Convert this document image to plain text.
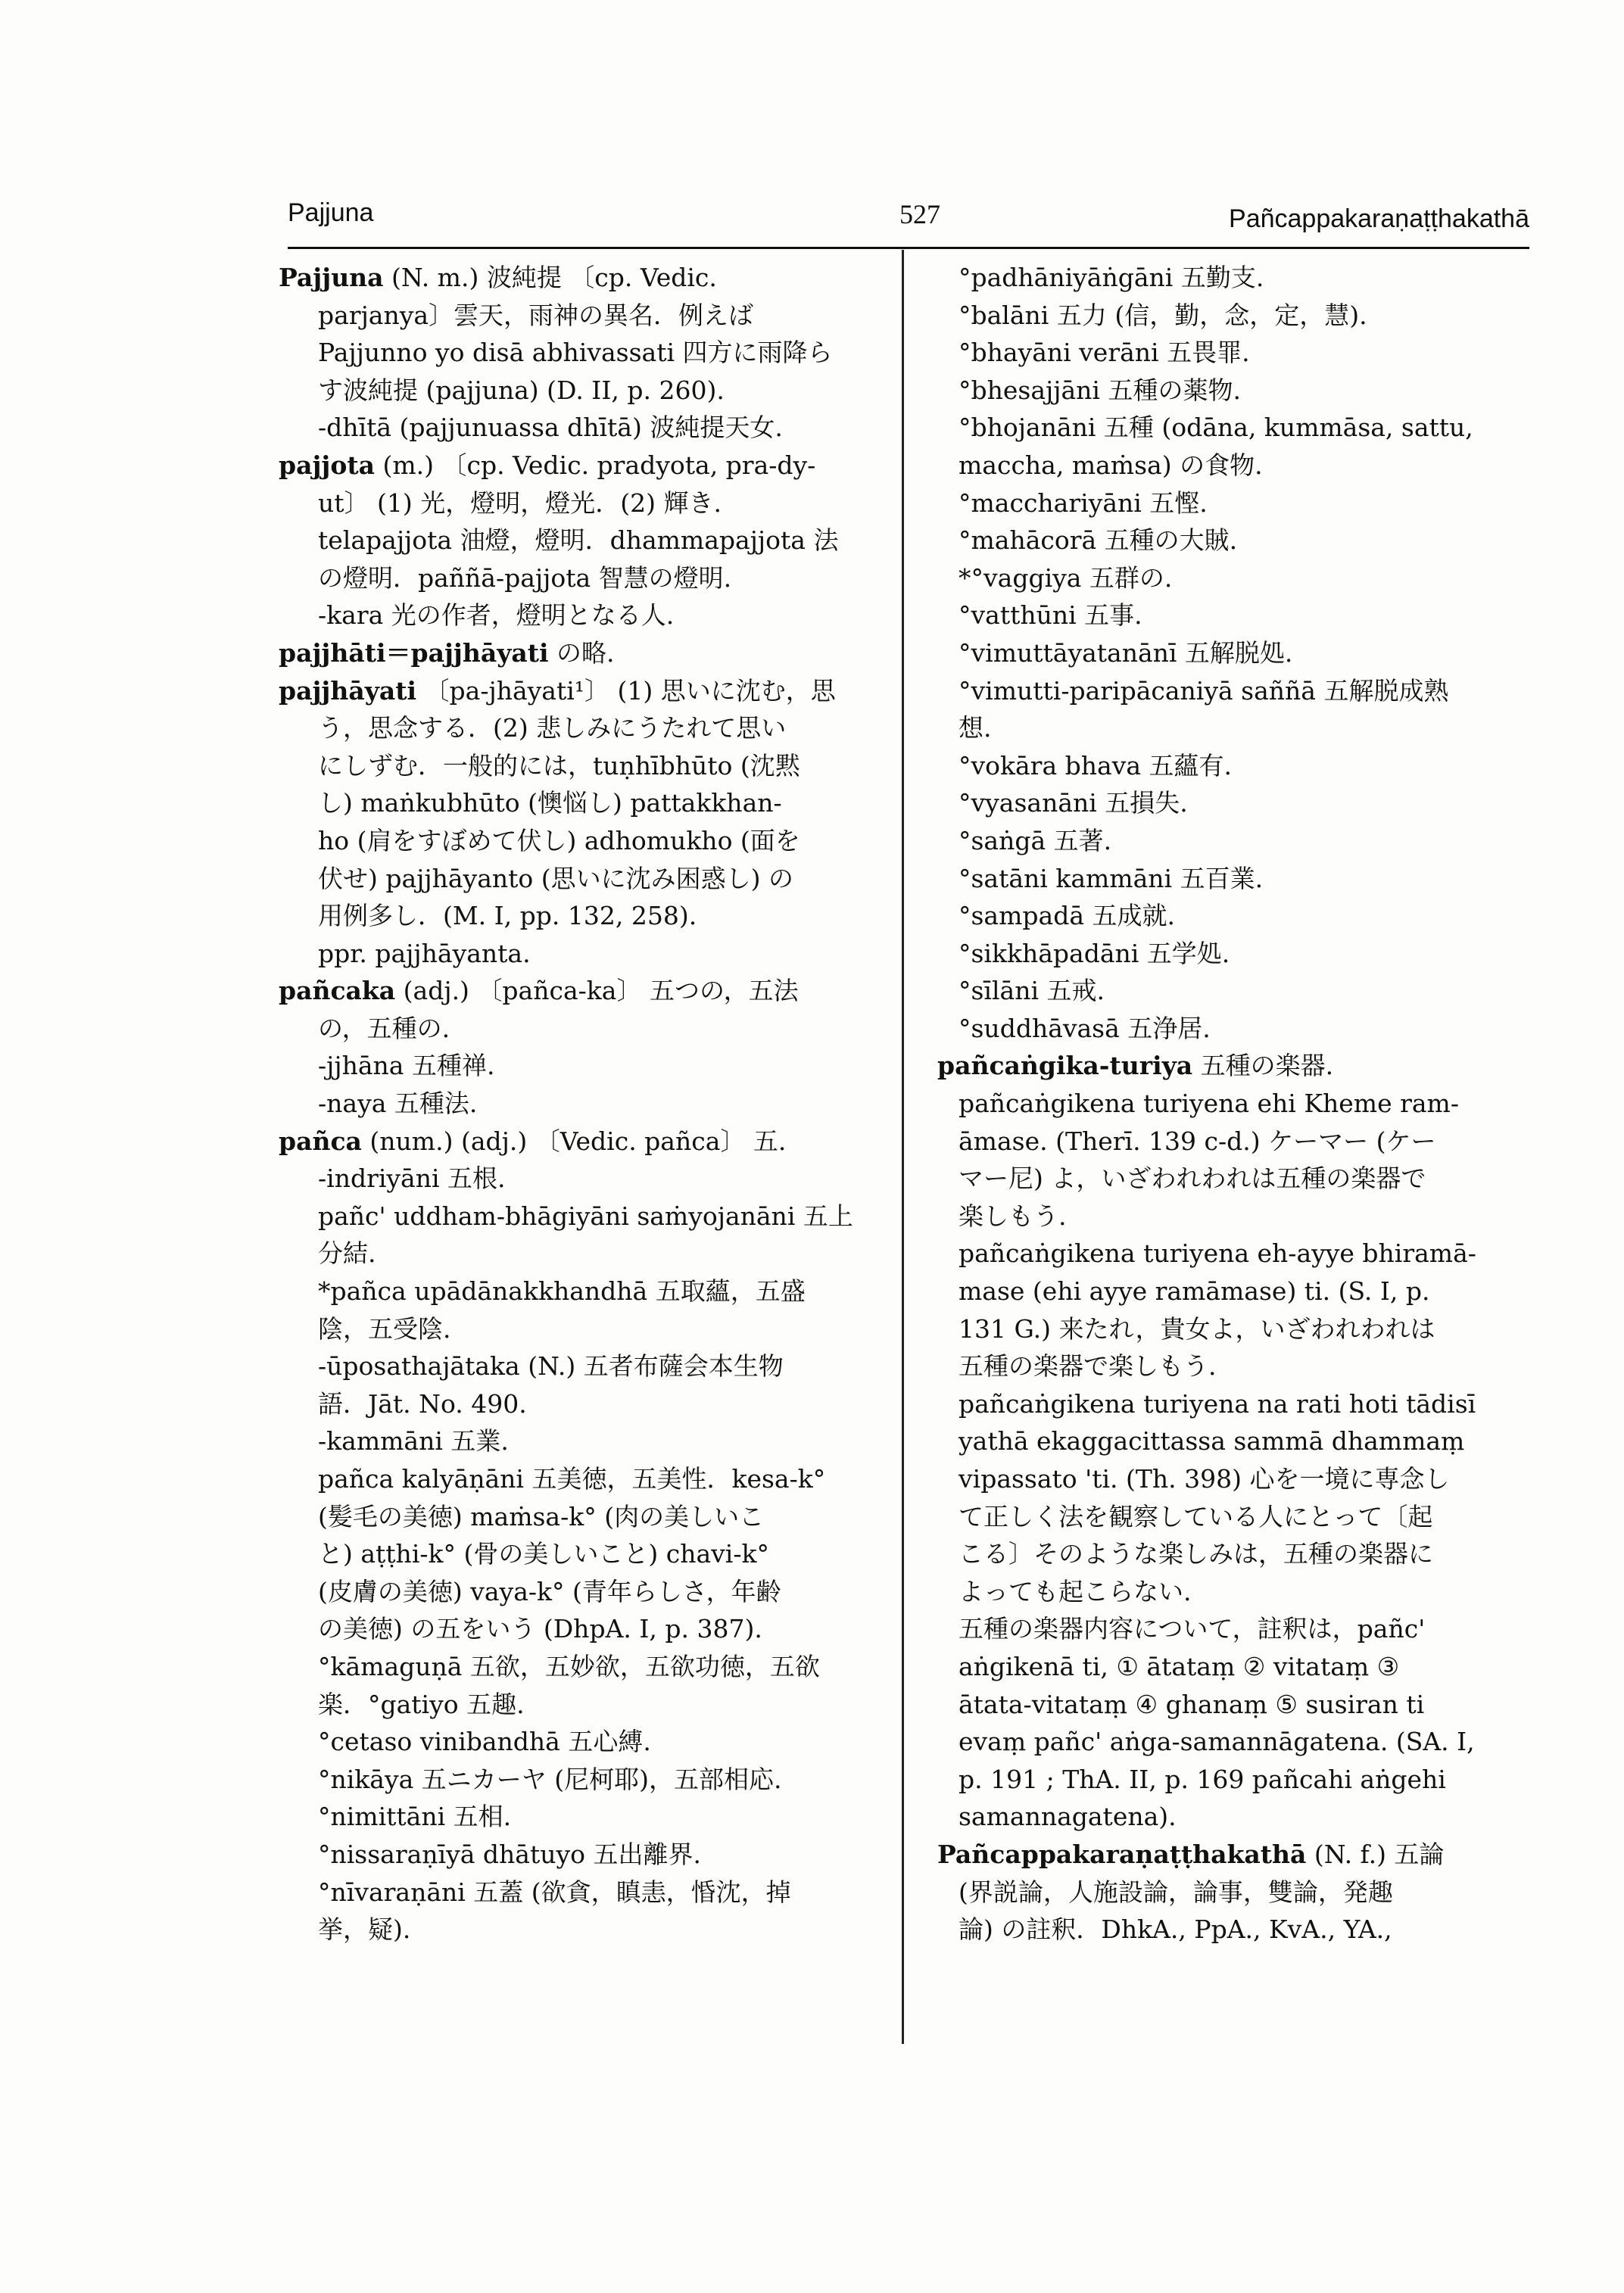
Pajjuna	527	Pañcappakaraṇaṭṭhakathā

Pajjuna (N. m.) 波純提 〔cp. Vedic.

parjanya〕雲天，雨神の異名．例えば

Pajjunno yo disā abhivassati 四方に雨降ら

す波純提 (pajjuna) (D. II, p. 260).

-dhītā (pajjunuassa dhītā) 波純提天女.

pajjota (m.) 〔cp. Vedic. pradyota, pra-dy-

ut〕 (1) 光，燈明，燈光．(2) 輝き.

telapajjota 油燈，燈明．dhammapajjota 法

の燈明．paññā-pajjota 智慧の燈明.

-kara 光の作者，燈明となる人.

pajjhāti＝pajjhāyati の略.

pajjhāyati 〔pa-jhāyati¹〕 (1) 思いに沈む，思

う，思念する．(2) 悲しみにうたれて思い

にしずむ．一般的には，tuṇhībhūto (沈黙

し) maṅkubhūto (懊悩し) pattakkhan-

ho (肩をすぼめて伏し) adhomukho (面を

伏せ) pajjhāyanto (思いに沈み困惑し) の

用例多し．(M. I, pp. 132, 258).

ppr. pajjhāyanta.

pañcaka (adj.) 〔pañca-ka〕 五つの，五法

の，五種の.

-jjhāna 五種禅.

-naya 五種法.

pañca (num.) (adj.) 〔Vedic. pañca〕 五.

-indriyāni 五根.

pañc' uddham-bhāgiyāni saṁyojanāni 五上

分結.

*pañca upādānakkhandhā 五取蘊，五盛

陰，五受陰.

-ūposathajātaka (N.) 五者布薩会本生物

語．Jāt. No. 490.

-kammāni 五業.

pañca kalyāṇāni 五美徳，五美性．kesa-k°

(髪毛の美徳) maṁsa-k° (肉の美しいこ

と) aṭṭhi-k° (骨の美しいこと) chavi-k°

(皮膚の美徳) vaya-k° (青年らしさ，年齢

の美徳) の五をいう (DhpA. I, p. 387).

°kāmaguṇā 五欲，五妙欲，五欲功徳，五欲

楽．°gatiyo 五趣.

°cetaso vinibandhā 五心縛.

°nikāya 五ニカーヤ (尼柯耶)，五部相応.

°nimittāni 五相.

°nissaraṇīyā dhātuyo 五出離界.

°nīvaraṇāni 五蓋 (欲貪，瞋恚，惛沈，掉

挙，疑).

°padhāniyāṅgāni 五勤支.

°balāni 五力 (信，勤，念，定，慧).

°bhayāni verāni 五畏罪.

°bhesajjāni 五種の薬物.

°bhojanāni 五種 (odāna, kummāsa, sattu,

maccha, maṁsa) の食物.

°macchariyāni 五慳.

°mahācorā 五種の大賊.

*°vaggiya 五群の.

°vatthūni 五事.

°vimuttāyatanānī 五解脱処.

°vimutti-paripācaniyā saññā 五解脱成熟

想.

°vokāra bhava 五蘊有.

°vyasanāni 五損失.

°saṅgā 五著.

°satāni kammāni 五百業.

°sampadā 五成就.

°sikkhāpadāni 五学処.

°sīlāni 五戒.

°suddhāvasā 五浄居.

pañcaṅgika-turiya 五種の楽器.

pañcaṅgikena turiyena ehi Kheme ram-

āmase. (Therī. 139 c-d.) ケーマー (ケー

マー尼) よ，いざわれわれは五種の楽器で

楽しもう.

pañcaṅgikena turiyena eh-ayye bhiramā-

mase (ehi ayye ramāmase) ti. (S. I, p.

131 G.) 来たれ，貴女よ，いざわれわれは

五種の楽器で楽しもう.

pañcaṅgikena turiyena na rati hoti tādisī

yathā ekaggacittassa sammā dhammaṃ

vipassato 'ti. (Th. 398) 心を一境に専念し

て正しく法を観察している人にとって〔起

こる〕そのような楽しみは，五種の楽器に

よっても起こらない.

五種の楽器内容について，註釈は，pañc'

aṅgikenā ti, ① ātataṃ ② vitataṃ ③

ātata-vitataṃ ④ ghanaṃ ⑤ susiran ti

evaṃ pañc' aṅga-samannāgatena. (SA. I,

p. 191 ; ThA. II, p. 169 pañcahi aṅgehi

samannagatena).

Pañcappakaraṇaṭṭhakathā (N. f.) 五論

(界説論，人施設論，論事，雙論，発趣

論) の註釈．DhkA., PpA., KvA., YA.,
